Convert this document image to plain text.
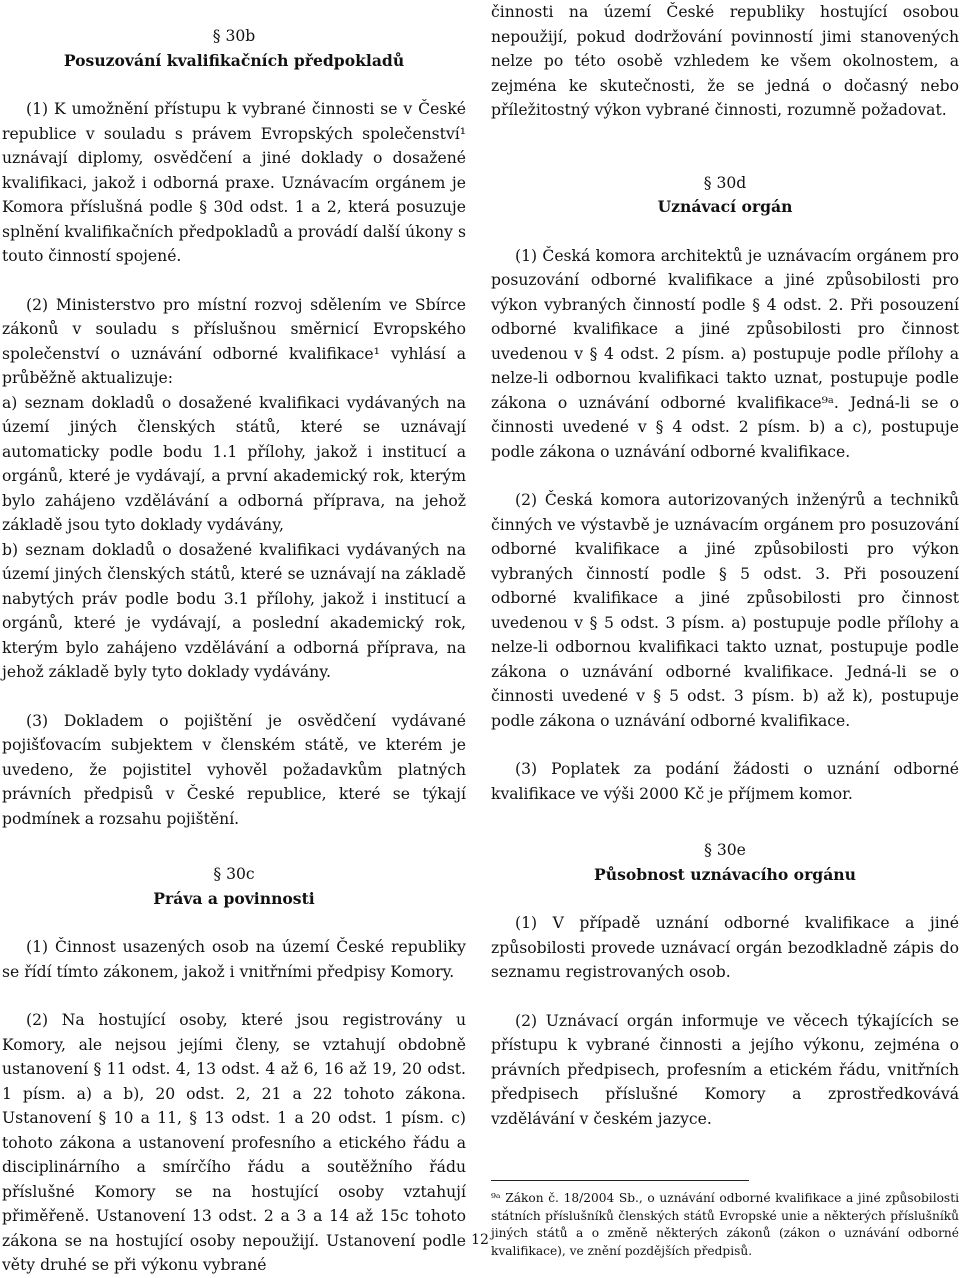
§ 30b
Posuzování kvalifikačních předpokladů

(1) K umožnění přístupu k vybrané činnosti se v České republice v souladu s právem Evropských společenství¹ uznávají diplomy, osvědčení a jiné doklady o dosažené kvalifikaci, jakož i odborná praxe. Uznávacím orgánem je Komora příslušná podle § 30d odst. 1 a 2, která posuzuje splnění kvalifikačních předpokladů a provádí další úkony s touto činností spojené.

(2) Ministerstvo pro místní rozvoj sdělením ve Sbírce zákonů v souladu s příslušnou směrnicí Evropského společenství o uznávání odborné kvalifikace¹ vyhlásí a průběžně aktualizuje:

a) seznam dokladů o dosažené kvalifikaci vydávaných na území jiných členských států, které se uznávají automaticky podle bodu 1.1 přílohy, jakož i institucí a orgánů, které je vydávají, a první akademický rok, kterým bylo zahájeno vzdělávání a odborná příprava, na jehož základě jsou tyto doklady vydávány,

b) seznam dokladů o dosažené kvalifikaci vydávaných na území jiných členských států, které se uznávají na základě nabytých práv podle bodu 3.1 přílohy, jakož i institucí a orgánů, které je vydávají, a poslední akademický rok, kterým bylo zahájeno vzdělávání a odborná příprava, na jehož základě byly tyto doklady vydávány.

(3) Dokladem o pojištění je osvědčení vydávané pojišťovacím subjektem v členském státě, ve kterém je uvedeno, že pojistitel vyhověl požadavkům platných právních předpisů v České republice, které se týkají podmínek a rozsahu pojištění.

§ 30c
Práva a povinnosti

(1) Činnost usazených osob na území České republiky se řídí tímto zákonem, jakož i vnitřními předpisy Komory.

(2) Na hostující osoby, které jsou registrovány u Komory, ale nejsou jejími členy, se vztahují obdobně ustanovení § 11 odst. 4, 13 odst. 4 až 6, 16 až 19, 20 odst. 1 písm. a) a b), 20 odst. 2, 21 a 22 tohoto zákona. Ustanovení § 10 a 11, § 13 odst. 1 a 20 odst. 1 písm. c) tohoto zákona a ustanovení profesního a etického řádu a disciplinárního a smírčího řádu a soutěžního řádu příslušné Komory se na hostující osoby vztahují přiměřeně. Ustanovení 13 odst. 2 a 3 a 14 až 15c tohoto zákona se na hostující osoby nepoužijí. Ustanovení podle věty druhé se při výkonu vybrané

činnosti na území České republiky hostující osobou nepoužijí, pokud dodržování povinností jimi stanovených nelze po této osobě vzhledem ke všem okolnostem, a zejména ke skutečnosti, že se jedná o dočasný nebo příležitostný výkon vybrané činnosti, rozumně požadovat.

§ 30d
Uznávací orgán

(1) Česká komora architektů je uznávacím orgánem pro posuzování odborné kvalifikace a jiné způsobilosti pro výkon vybraných činností podle § 4 odst. 2. Při posouzení odborné kvalifikace a jiné způsobilosti pro činnost uvedenou v § 4 odst. 2 písm. a) postupuje podle přílohy a nelze-li odbornou kvalifikaci takto uznat, postupuje podle zákona o uznávání odborné kvalifikace⁹ᵃ. Jedná-li se o činnosti uvedené v § 4 odst. 2 písm. b) a c), postupuje podle zákona o uznávání odborné kvalifikace.

(2) Česká komora autorizovaných inženýrů a techniků činných ve výstavbě je uznávacím orgánem pro posuzování odborné kvalifikace a jiné způsobilosti pro výkon vybraných činností podle § 5 odst. 3. Při posouzení odborné kvalifikace a jiné způsobilosti pro činnost uvedenou v § 5 odst. 3 písm. a) postupuje podle přílohy a nelze-li odbornou kvalifikaci takto uznat, postupuje podle zákona o uznávání odborné kvalifikace. Jedná-li se o činnosti uvedené v § 5 odst. 3 písm. b) až k), postupuje podle zákona o uznávání odborné kvalifikace.

(3) Poplatek za podání žádosti o uznání odborné kvalifikace ve výši 2000 Kč je příjmem komor.

§ 30e
Působnost uznávacího orgánu

(1) V případě uznání odborné kvalifikace a jiné způsobilosti provede uznávací orgán bezodkladně zápis do seznamu registrovaných osob.

(2) Uznávací orgán informuje ve věcech týkajících se přístupu k vybrané činnosti a jejího výkonu, zejména o právních předpisech, profesním a etickém řádu, vnitřních předpisech příslušné Komory a zprostředkovává vzdělávání v českém jazyce.

⁹ᵃ Zákon č. 18/2004 Sb., o uznávání odborné kvalifikace a jiné způsobilosti státních příslušníků členských států Evropské unie a některých příslušníků jiných států a o změně některých zákonů (zákon o uznávání odborné kvalifikace), ve znění pozdějších předpisů.
12
